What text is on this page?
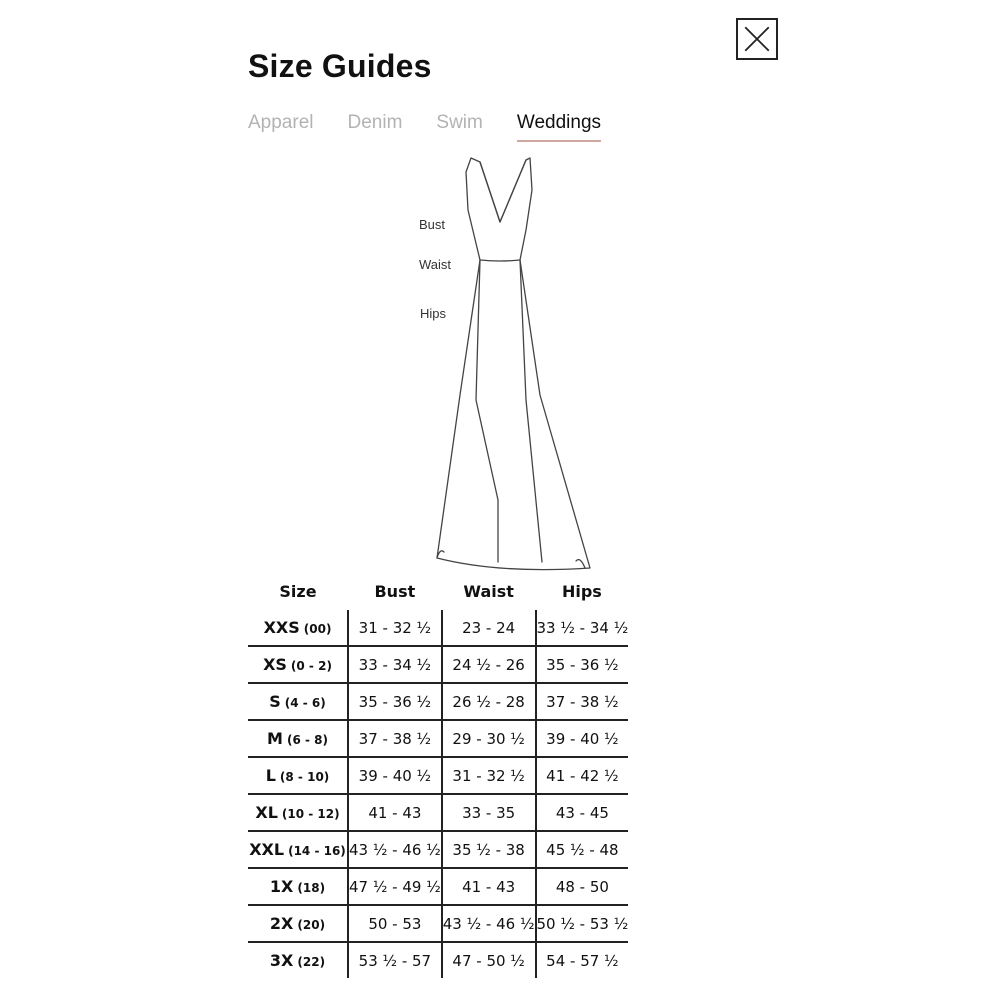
Size Guides
Apparel Denim Swim Weddings
Bust
Waist
Hips
Size	Bust	Waist	Hips
XXS (00)	31 - 32 ½	23 - 24	33 ½ - 34 ½
XS (0 - 2)	33 - 34 ½	24 ½ - 26	35 - 36 ½
S (4 - 6)	35 - 36 ½	26 ½ - 28	37 - 38 ½
M (6 - 8)	37 - 38 ½	29 - 30 ½	39 - 40 ½
L (8 - 10)	39 - 40 ½	31 - 32 ½	41 - 42 ½
XL (10 - 12)	41 - 43	33 - 35	43 - 45
XXL (14 - 16)	43 ½ - 46 ½	35 ½ - 38	45 ½ - 48
1X (18)	47 ½ - 49 ½	41 - 43	48 - 50
2X (20)	50 - 53	43 ½ - 46 ½	50 ½ - 53 ½
3X (22)	53 ½ - 57	47 - 50 ½	54 - 57 ½
